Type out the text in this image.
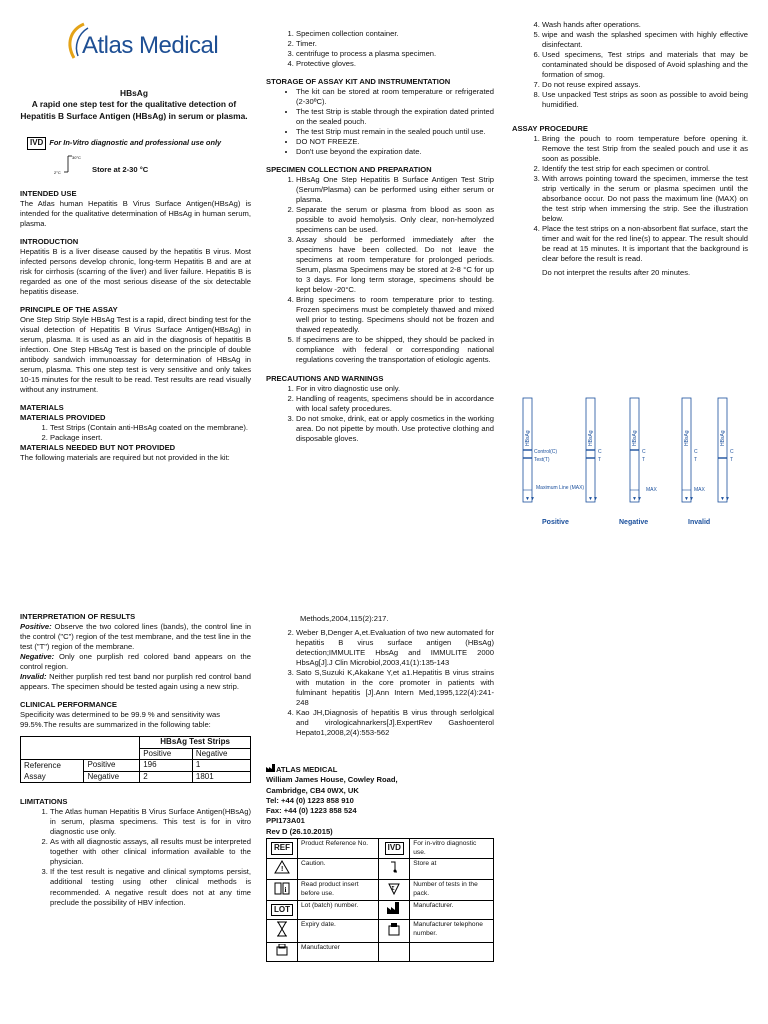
Atlas Medical
HBsAg
A rapid one step test for the qualitative detection of Hepatitis B Surface Antigen (HBsAg) in serum or plasma.
IVD For In-Vitro diagnostic and professional use only
30°C
2°C	Store at 2-30 °C
INTENDED USE

The Atlas human Hepatitis B Virus Surface Antigen(HBsAg) is intended for the qualitative determination of HBsAg in human serum, plasma.

INTRODUCTION

Hepatitis B is a liver disease caused by the hepatitis B virus. Most infected persons develop chronic, long-term Hepatitis B and are at risk for cirrhosis (scarring of the liver) and liver failure. Hepatitis B is regarded as one of the most serious disease of the six detectable hepatitis disease.

PRINCIPLE OF THE ASSAY

One Step Strip Style HBsAg Test is a rapid, direct binding test for the visual detection of Hepatitis B Virus Surface Antigen(HBsAg) in serum, plasma. It is used as an aid in the diagnosis of hepatitis B infection. One Step HBsAg Test is based on the principle of double antibody sandwich immunoassay for determination of HBsAg in serum, plasma. This one step test is very sensitive and only takes 10-15 minutes for the result to be read. Test results are read visually without any instrument.

MATERIALS
MATERIALS PROVIDED
1. Test Strips (Contain anti-HBsAg coated on the membrane).
2. Package insert.
MATERIALS NEEDED BUT NOT PROVIDED

The following materials are required but not provided in the kit:

1. Specimen collection container.
2. Timer.
3. centrifuge to process a plasma specimen.
4. Protective gloves.
STORAGE OF ASSAY KIT AND INSTRUMENTATION
• The kit can be stored at room temperature or refrigerated (2-30ºC).
• The test Strip is stable through the expiration dated printed on the sealed pouch.
• The test Strip must remain in the sealed pouch until use.
• DO NOT FREEZE.
• Don't use beyond the expiration date.
SPECIMEN COLLECTION AND PREPARATION
1. HBsAg One Step Hepatitis B Surface Antigen Test Strip (Serum/Plasma) can be performed using either serum or plasma.
2. Separate the serum or plasma from blood as soon as possible to avoid hemolysis. Only clear, non-hemolyzed specimens can be used.
3. Assay should be performed immediately after the specimens have been collected. Do not leave the specimens at room temperature for prolonged periods. Serum, plasma Specimens may be stored at 2-8 °C for up to 3 days. For long term storage, specimens should be kept below -20°C.
4. Bring specimens to room temperature prior to testing. Frozen specimens must be completely thawed and mixed well prior to testing. Specimens should not be frozen and thawed repeatedly.
5. If specimens are to be shipped, they should be packed in compliance with federal or corresponding national regulations covering the transportation of etiologic agents.
PRECAUTIONS AND WARNINGS
1. For in vitro diagnostic use only.
2. Handling of reagents, specimens should be in accordance with local safety procedures.
3. Do not smoke, drink, eat or apply cosmetics in the working area. Do not pipette by mouth. Use protective clothing and disposable gloves.
4. Wash hands after operations.
5. wipe and wash the splashed specimen with highly effective disinfectant.
6. Used specimens, Test strips and materials that may be contaminated should be disposed of Avoid splashing and the formation of smog.
7. Do not reuse expired assays.
8. Use unpacked Test strips as soon as possible to avoid being humidified.
ASSAY PROCEDURE
1. Bring the pouch to room temperature before opening it. Remove the test Strip from the sealed pouch and use it as soon as possible.
2. Identify the test strip for each specimen or control.
3. With arrows pointing toward the specimen, immerse the test strip vertically in the serum or plasma specimen until the absorbance occur. Do not pass the maximum line (MAX) on the test strip when immersing the strip. See the illustration below.
4. Place the test strips on a non-absorbent flat surface, start the timer and wait for the red line(s) to appear. The result should be read at 15 minutes. It is important that the background is clear before the result is read.

Do not interpret the results after 20 minutes.

HBsAg
▼▼
Control(C)
Test(T)
Maximum Line (MAX)
HBsAg
▼▼
C
T
HBsAg
▼▼
C
T
MAX
HBsAg
▼▼
C
T
MAX
HBsAg
▼▼
C
T
Positive	Negative	Invalid
INTERPRETATION OF RESULTS

Positive: Observe the two colored lines (bands), the control line in the control ("C") region of the test membrane, and the test line in the test ("T") region of the membrane.

Negative: Only one purplish red colored band appears on the control region.

Invalid: Neither purplish red test band nor purplish red control band appears. The specimen should be tested again using a new strip.

CLINICAL PERFORMANCE

Specificity was determined to be 99.9 % and sensitivity was 99.5%.The results are summarized in the following table:

		HBsAg Test Strips	
		Positive	Negative
Reference	Positive	196	1
Assay	Negative	2	1801
LIMITATIONS
1. The Atlas human Hepatitis B Virus Surface Antigen(HBsAg) in serum, plasma specimens. This test is for in vitro diagnostic use only.
2. As with all diagnostic assays, all results must be interpreted together with other clinical information available to the physician.
3. If the test result is negative and clinical symptoms persist, additional testing using other clinical methods is recommended. A negative result does not at any time preclude the possibility of HBV infection.

Methods,2004,115(2):217.

2. Weber B,Denger A,et.Evaluation of two new automated for hepatitis B virus surface antigen (HBsAg) detection;IMMULITE HbsAg and IMMULITE 2000 HbsAg[J].J Clin Microbiol,2003,41(1):135-143
3. Sato S,Suzuki K,Akakane Y,et a1.Hepatitis B virus strains with mutation in the core promoter in patients with fulminant hepatitis [J].Ann Intern Med,1995,122(4):241-248
4. Kao JH,Diagnosis of hepatitis B virus through serlolgical and virologicahnarkers[J].ExpertRev Gashoenterol Hepato1,2008,2(4):553-562
ATLAS MEDICAL
William James House, Cowley Road,
Cambridge, CB4 0WX, UK
Tel: +44 (0) 1223 858 910
Fax: +44 (0) 1223 858 524
PPI173A01
Rev D (26.10.2015)
REF	Product Reference No.	IVD	For in-vitro diagnostic use.

!	Caution.		Store at

i	Read product insert before use.	Σ	Number of tests in the pack.
LOT	Lot (batch) number.		Manufacturer.
	Expiry date.		Manufacturer telephone number.
	Manufacturer		
